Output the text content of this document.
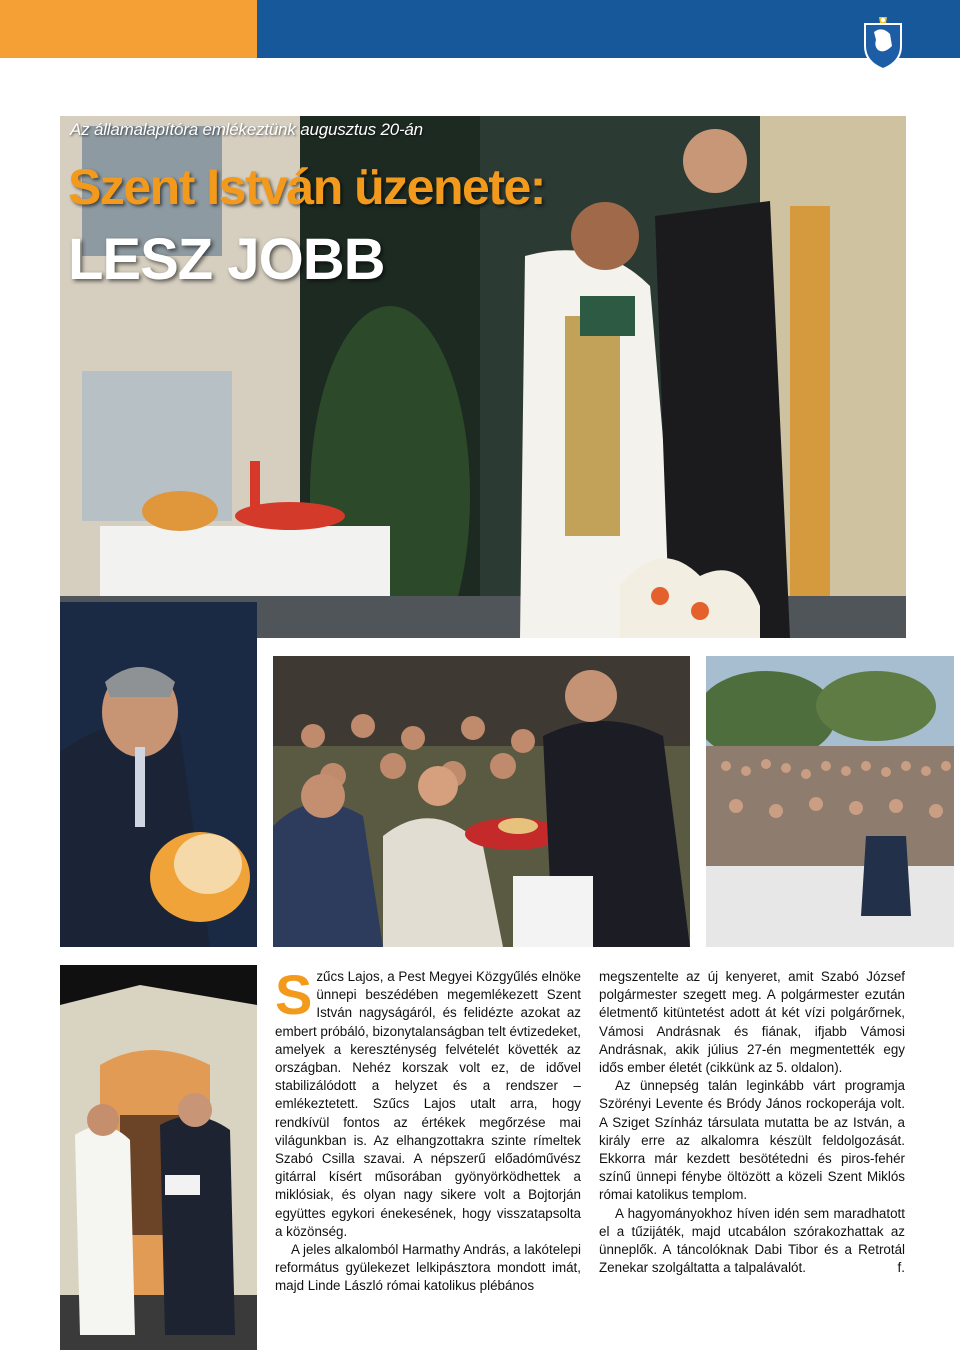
Az államalapítóra emlékeztünk augusztus 20-án
Szent István üzenete:
LESZ JOBB

Szűcs Lajos, a Pest Megyei Közgyűlés elnöke ünnepi beszédében megemlékezett Szent István nagyságáról, és felidézte azokat az embert próbáló, bizonytalanságban telt évtizedeket, amelyek a kereszténység felvételét követték az országban. Nehéz korszak volt ez, de idővel stabilizálódott a helyzet és a rendszer – emlékeztetett. Szűcs Lajos utalt arra, hogy rendkívül fontos az értékek megőrzése mai világunkban is. Az elhangzottakra szinte rímeltek Szabó Csilla szavai. A népszerű előadóművész gitárral kísért műsorában gyönyörködhettek a miklósiak, és olyan nagy sikere volt a Bojtorján együttes egykori énekesének, hogy visszatapsolta a közönség.

A jeles alkalomból Harmathy András, a lakótelepi református gyülekezet lelkipásztora mondott imát, majd Linde László római katolikus plébános

megszentelte az új kenyeret, amit Szabó József polgármester szegett meg. A polgármester ezután életmentő kitüntetést adott át két vízi polgárőrnek, Vámosi Andrásnak és fiának, ifjabb Vámosi Andrásnak, akik július 27-én megmentették egy idős ember életét (cikkünk az 5. oldalon).

Az ünnepség talán leginkább várt programja Szörényi Levente és Bródy János rockoperája volt. A Sziget Színház társulata mutatta be az István, a király erre az alkalomra készült feldolgozását. Ekkorra már kezdett besötétedni és piros-fehér színű ünnepi fénybe öltözött a közeli Szent Miklós római katolikus templom.

A hagyományokhoz híven idén sem maradhatott el a tűzijáték, majd utcabálon szórakozhattak az ünneplők. A táncolóknak Dabi Tibor és a Retrotál Zenekar szolgáltatta a talpalávalót.	f.
